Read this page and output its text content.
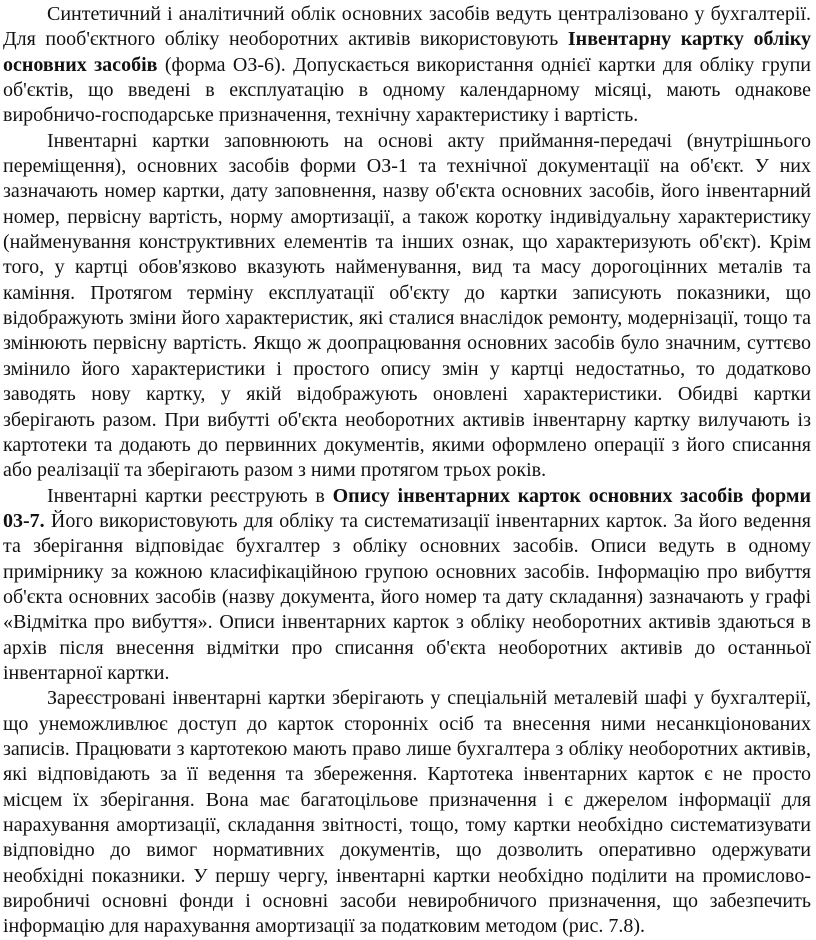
Синтетичний і аналітичний облік основних засобів ведуть централізовано у бухгалтерії. Для пооб'єктного обліку необоротних активів використовують Інвентарну картку обліку основних засобів (форма ОЗ-6). Допускається використання однієї картки для обліку групи об'єктів, що введені в експлуатацію в одному календарному місяці, мають однакове виробничо-господарське призначення, технічну характеристику і вартість.

Інвентарні картки заповнюють на основі акту приймання-передачі (внутрішнього переміщення), основних засобів форми ОЗ-1 та технічної документації на об'єкт. У них зазначають номер картки, дату заповнення, назву об'єкта основних засобів, його інвентарний номер, первісну вартість, норму амортизації, а також коротку індивідуальну характеристику (найменування конструктивних елементів та інших ознак, що характеризують об'єкт). Крім того, у картці обов'язково вказують найменування, вид та масу дорогоцінних металів та каміння. Протягом терміну експлуатації об'єкту до картки записують показники, що відображують зміни його характеристик, які сталися внаслідок ремонту, модернізації, тощо та змінюють первісну вартість. Якщо ж доопрацювання основних засобів було значним, суттєво змінило його характеристики і простого опису змін у картці недостатньо, то додатково заводять нову картку, у якій відображують оновлені характеристики. Обидві картки зберігають разом. При вибутті об'єкта необоротних активів інвентарну картку вилучають із картотеки та додають до первинних документів, якими оформлено операції з його списання або реалізації та зберігають разом з ними протягом трьох років.

Інвентарні картки реєструють в Опису інвентарних карток основних засобів форми 03-7. Його використовують для обліку та систематизації інвентарних карток. За його ведення та зберігання відповідає бухгалтер з обліку основних засобів. Описи ведуть в одному примірнику за кожною класифікаційною групою основних засобів. Інформацію про вибуття об'єкта основних засобів (назву документа, його номер та дату складання) зазначають у графі «Відмітка про вибуття». Описи інвентарних карток з обліку необоротних активів здаються в архів після внесення відмітки про списання об'єкта необоротних активів до останньої інвентарної картки.

Зареєстровані інвентарні картки зберігають у спеціальній металевій шафі у бухгалтерії, що унеможливлює доступ до карток сторонніх осіб та внесення ними несанкціонованих записів. Працювати з картотекою мають право лише бухгалтера з обліку необоротних активів, які відповідають за її ведення та збереження. Картотека інвентарних карток є не просто місцем їх зберігання. Вона має багатоцільове призначення і є джерелом інформації для нарахування амортизації, складання звітності, тощо, тому картки необхідно систематизувати відповідно до вимог нормативних документів, що дозволить оперативно одержувати необхідні показники. У першу чергу, інвентарні картки необхідно поділити на промислово-виробничі основні фонди і основні засоби невиробничого призначення, що забезпечить інформацію для нарахування амортизації за податковим методом (рис. 7.8).
